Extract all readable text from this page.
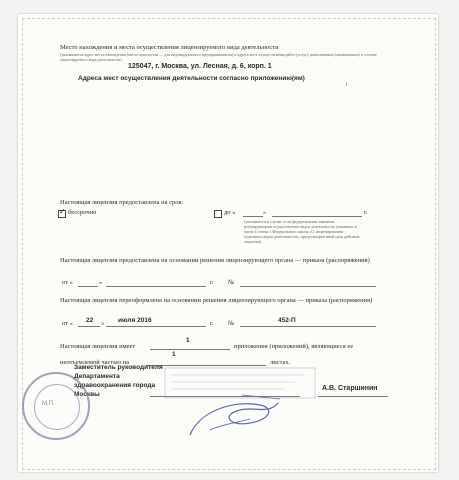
Место нахождения и места осуществления лицензируемого вида деятельности
(указываются адрес места нахождения (места жительства — для индивидуального предпринимателя) и адреса мест осуществления работ (услуг), выполняемых (оказываемых) в составе лицензируемого вида деятельности)
125047, г. Москва, ул. Лесная, д. 6, корп. 1
Адреса мест осуществления деятельности согласно приложению(ям)
1
Настоящая лицензия предоставлена на срок:
✓ бессрочно	до «	»	г.
(указывается в случае, если федеральными законами, регулирующими осуществление видов деятельности, указанных в части 4 статьи 1 Федерального закона «О лицензировании отдельных видов деятельности», предусмотрен иной срок действия лицензии)
Настоящая лицензия предоставлена на основании решения лицензирующего органа — приказа (распоряжения)
от «	»	г. №
Настоящая лицензия переоформлена на основании решения лицензирующего органа — приказа (распоряжения)
от « 22 » июля 2016	г. №	452-П
Настоящая лицензия имеет
1
приложения (приложений), являющиеся ее
неотъемлемой частью на
1
листах.
Заместитель руководителя
Департамента
здравоохранения города
Москвы
А.В. Старшинин
М.П.
